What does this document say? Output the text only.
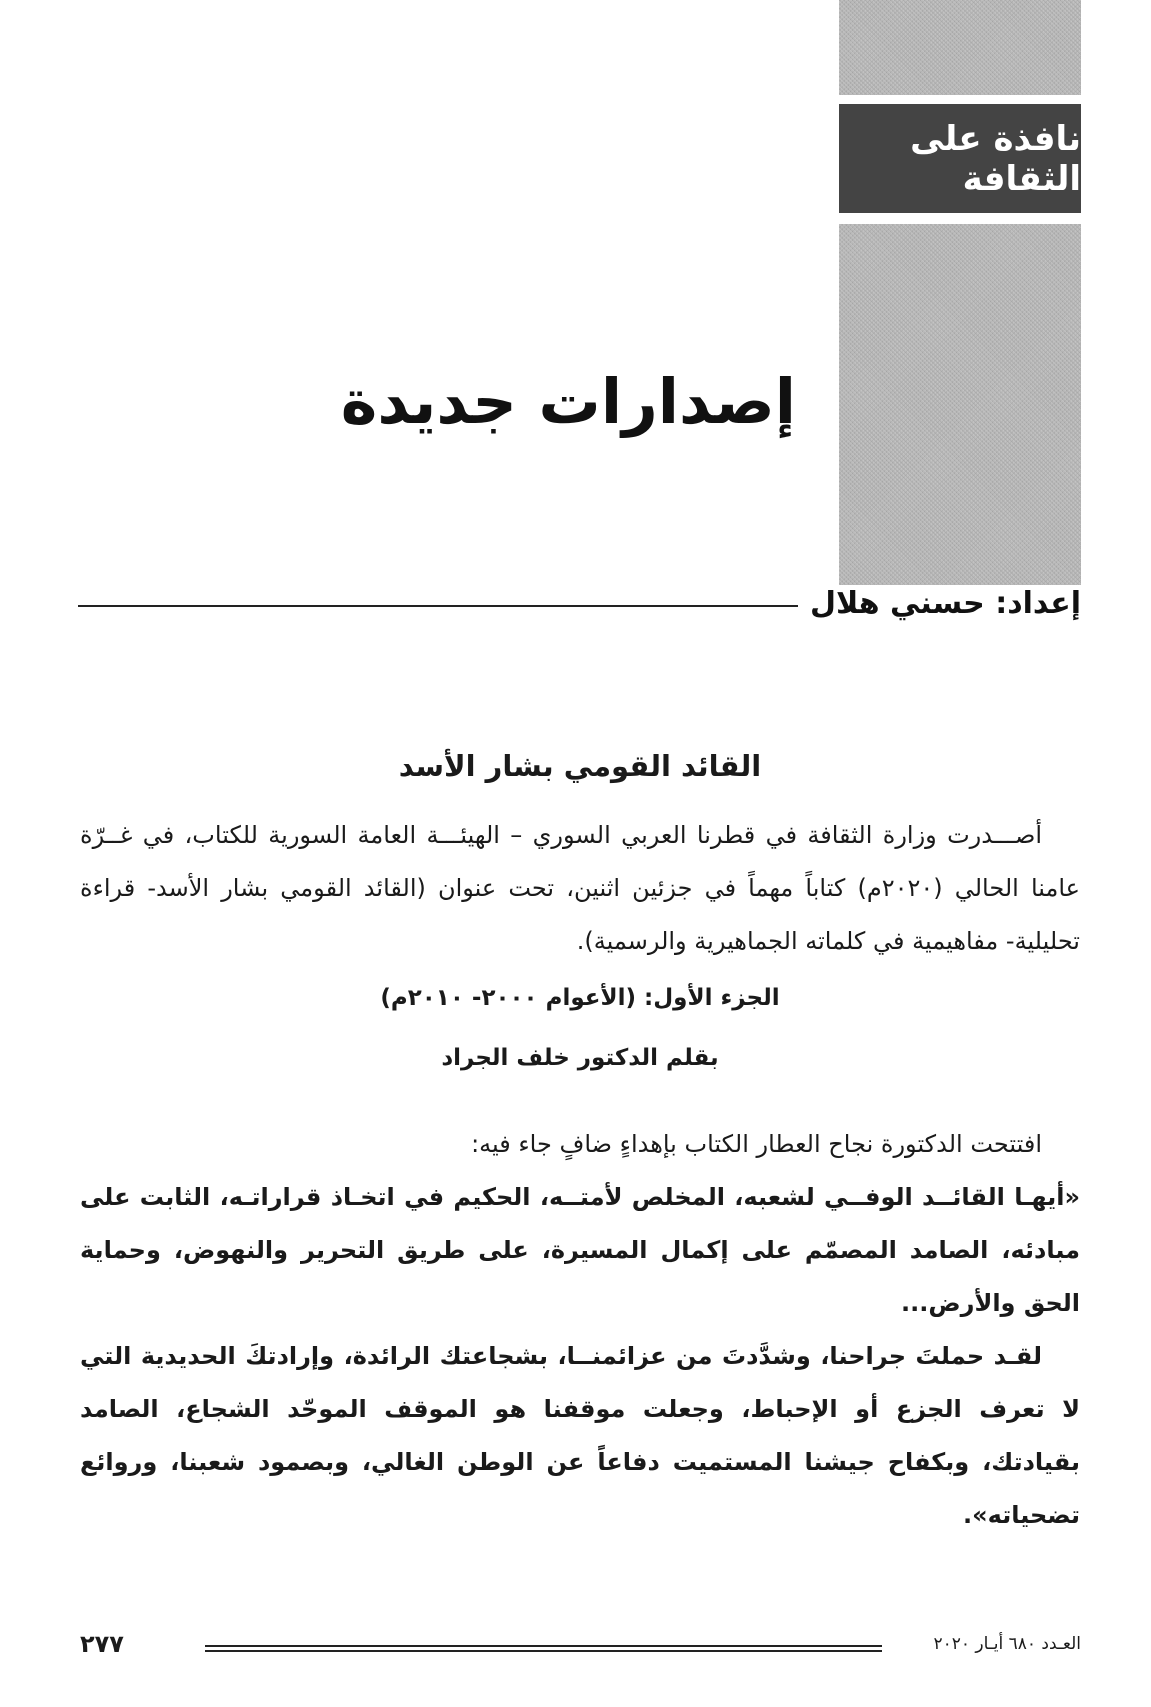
نافذة على الثقافة
إصدارات جديدة
إعداد: حسني هلال
القائد القومي بشار الأسد

أصـــدرت وزارة الثقافة في قطرنا العربي السوري – الهيئـــة العامة السورية للكتاب، في غــرّة عامنا الحالي (٢٠٢٠م) كتاباً مهماً في جزئين اثنين، تحت عنوان (القائد القومي بشار الأسد- قراءة تحليلية- مفاهيمية في كلماته الجماهيرية والرسمية).

الجزء الأول: (الأعوام ٢٠٠٠- ٢٠١٠م)

بقلم الدكتور خلف الجراد

افتتحت الدكتورة نجاح العطار الكتاب بإهداءٍ ضافٍ جاء فيه:

«أيهـا القائــد الوفــي لشعبه، المخلص لأمتــه، الحكيم في اتخـاذ قراراتـه، الثابت على مبادئه، الصامد المصمّم على إكمال المسيرة، على طريق التحرير والنهوض، وحماية الحق والأرض...

لقـد حملتَ جراحنا، وشدَّدتَ من عزائمنــا، بشجاعتك الرائدة، وإرادتكَ الحديدية التي لا تعرف الجزع أو الإحباط، وجعلت موقفنا هو الموقف الموحّد الشجاع، الصامد بقيادتك، وبكفاح جيشنا المستميت دفاعاً عن الوطن الغالي، وبصمود شعبنا، وروائع تضحياته».

العـدد ٦٨٠ أيـار ٢٠٢٠
٢٧٧
